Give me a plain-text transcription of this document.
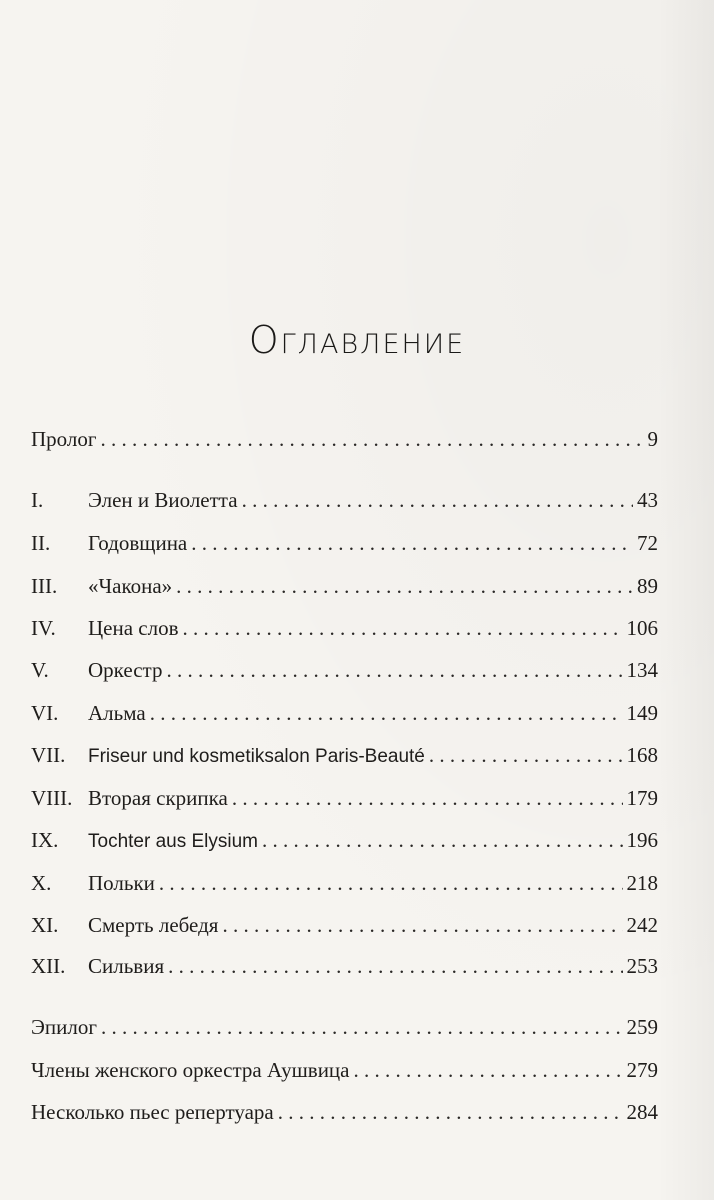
Оглавление
Пролог . . .	9
I.	Элен и Виолетта . . .	43
II.	Годовщина . . .	72
III.	«Чакона» . . .	89
IV.	Цена слов . . .	106
V.	Оркестр . . .	134
VI.	Альма . . .	149
VII.	Friseur und kosmetiksalon Paris-Beauté . . .	168
VIII. Вторая скрипка . . .	179
IX.	Tochter aus Elysium . . .	196
X.	Польки . . .	218
XI.	Смерть лебедя . . .	242
XII.	Сильвия . . .	253
Эпилог . . .	259
Члены женского оркестра Аушвица . . .	279
Несколько пьес репертуара . . .	284
